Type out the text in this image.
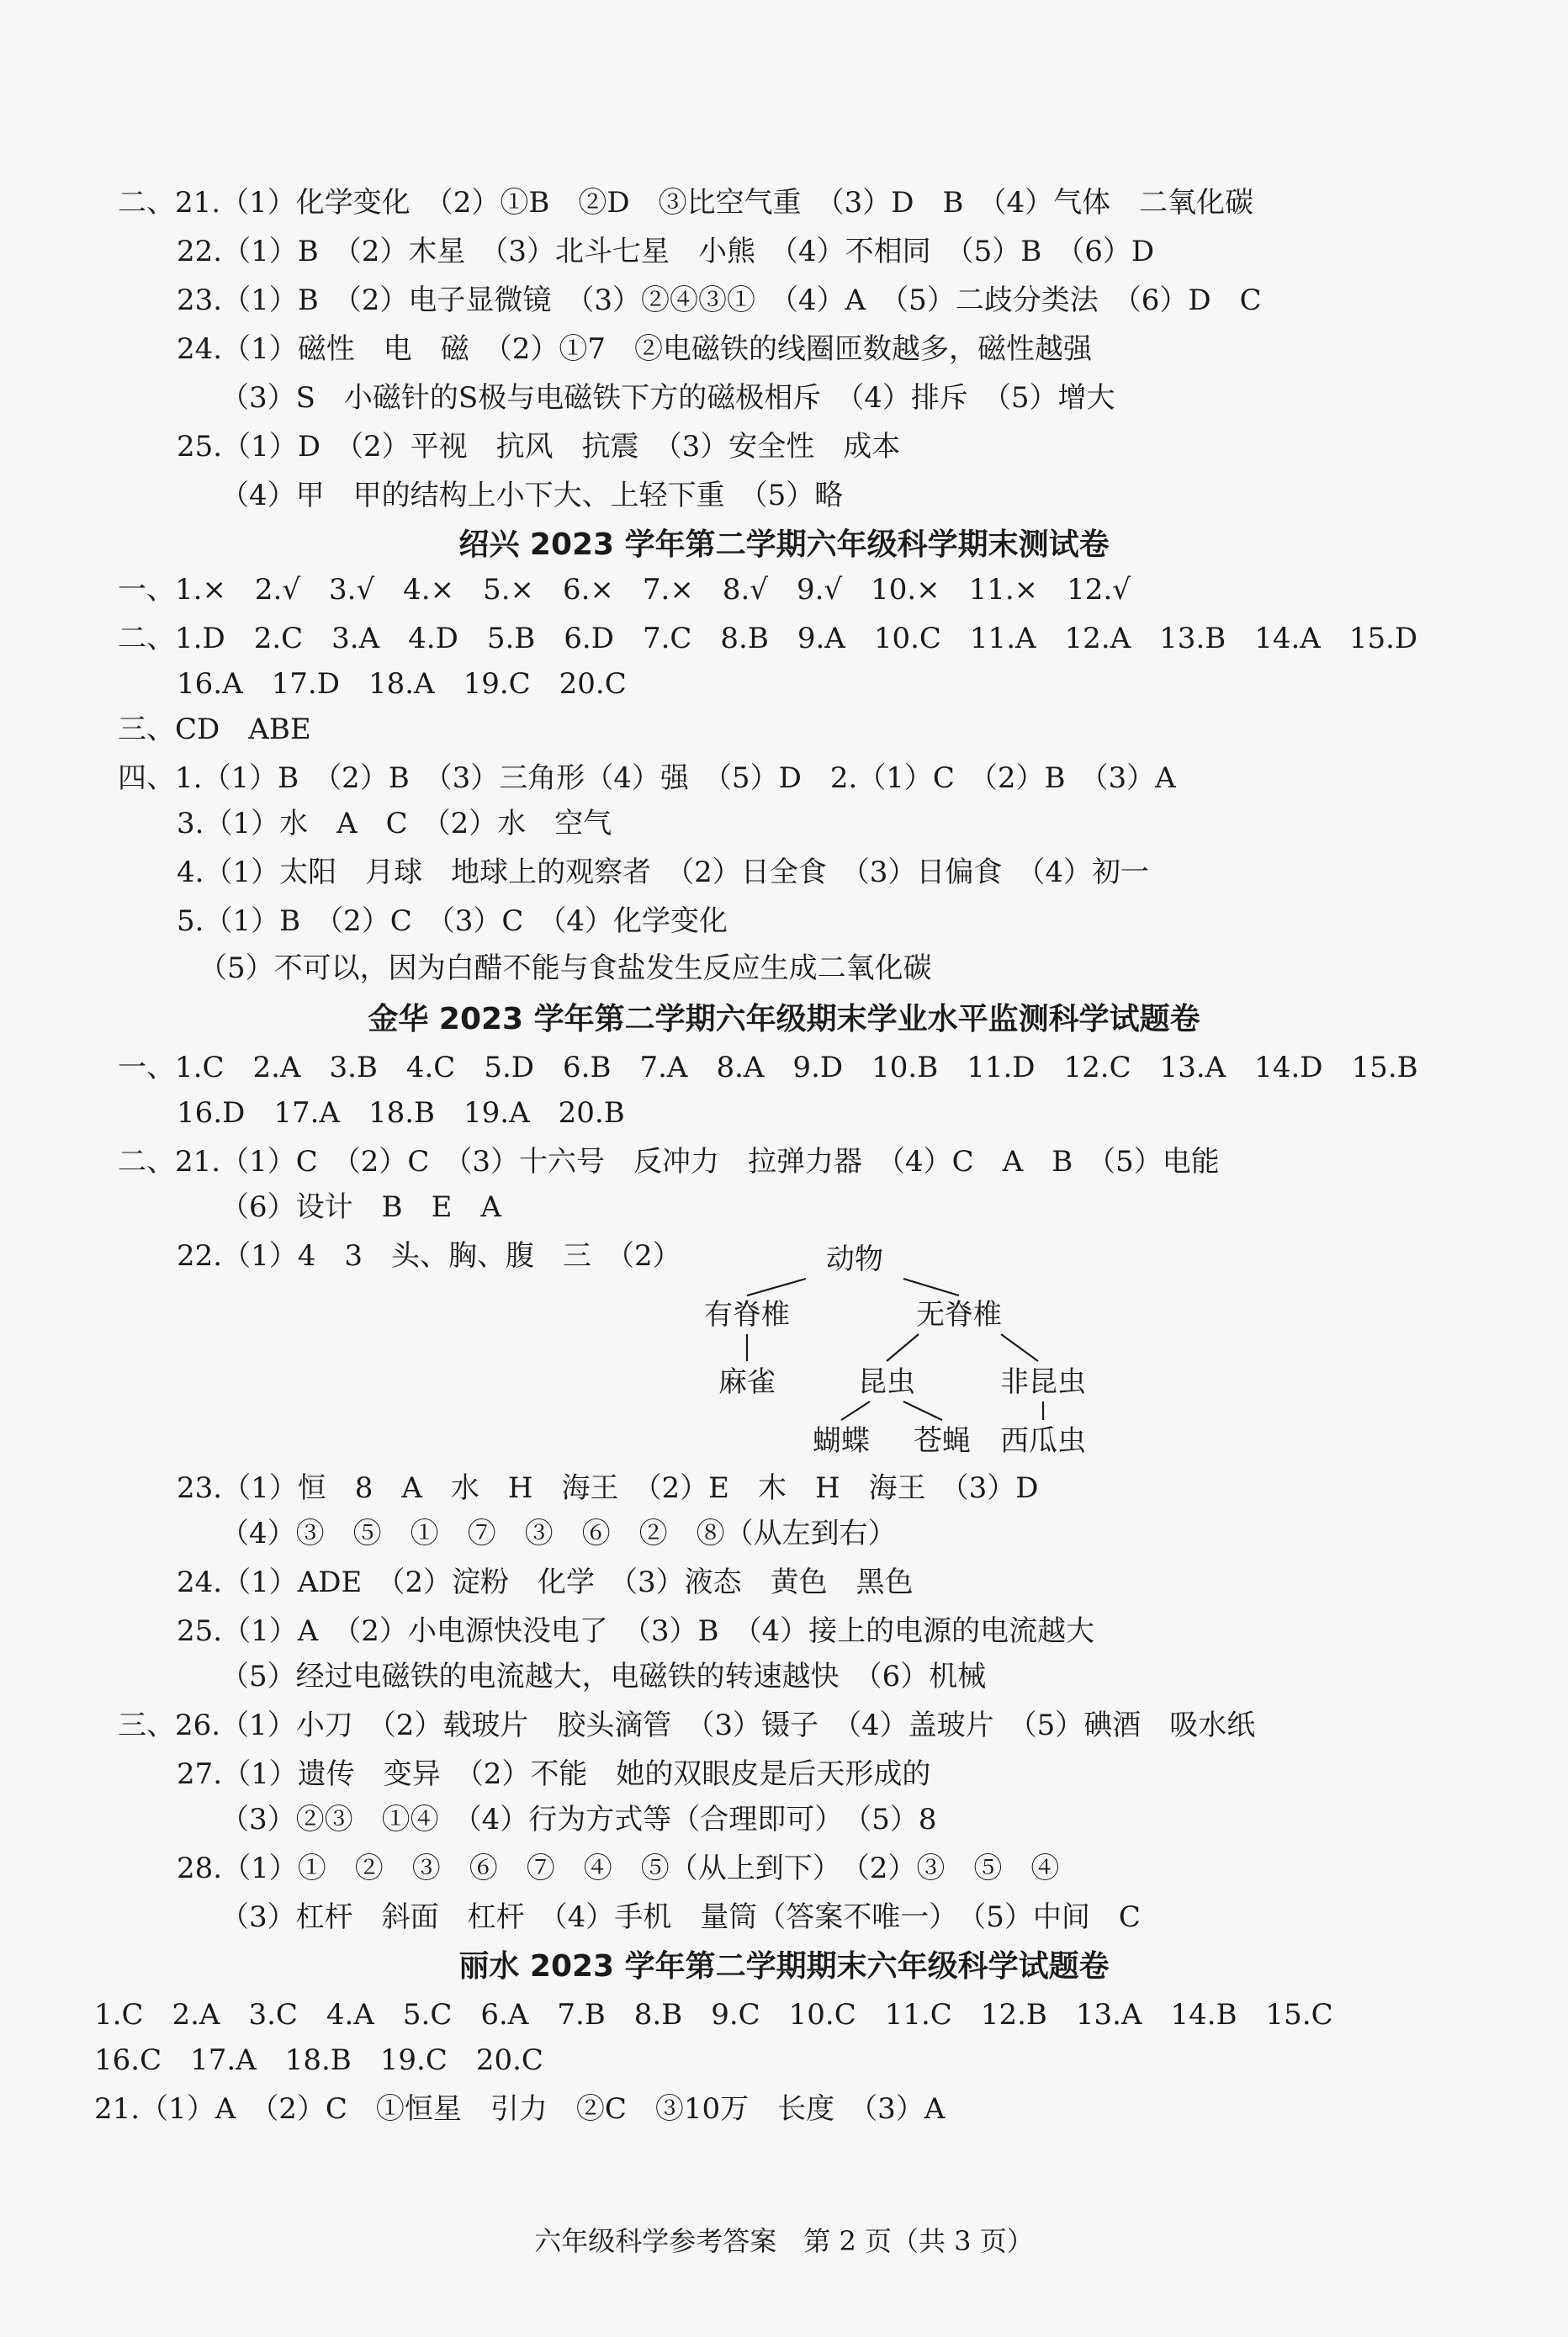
二、21.（1）化学变化　（2）①B　②D　③比空气重　（3）D　B　（4）气体　二氧化碳
22.（1）B　（2）木星　（3）北斗七星　小熊　（4）不相同　（5）B　（6）D
23.（1）B　（2）电子显微镜　（3）②④③①　（4）A　（5）二歧分类法　（6）D　C
24.（1）磁性　电　磁　（2）①7　②电磁铁的线圈匝数越多，磁性越强
（3）S　小磁针的S极与电磁铁下方的磁极相斥　（4）排斥　（5）增大
25.（1）D　（2）平视　抗风　抗震　（3）安全性　成本
（4）甲　甲的结构上小下大、上轻下重　（5）略
绍兴 2023 学年第二学期六年级科学期末测试卷
一、1.×　2.√　3.√　4.×　5.×　6.×　7.×　8.√　9.√　10.×　11.×　12.√
二、1.D　2.C　3.A　4.D　5.B　6.D　7.C　8.B　9.A　10.C　11.A　12.A　13.B　14.A　15.D
16.A　17.D　18.A　19.C　20.C
三、CD　ABE
四、1.（1）B　（2）B　（3）三角形（4）强　（5）D　2.（1）C　（2）B　（3）A
3.（1）水　A　C　（2）水　空气
4.（1）太阳　月球　地球上的观察者　（2）日全食　（3）日偏食　（4）初一
5.（1）B　（2）C　（3）C　（4）化学变化
（5）不可以，因为白醋不能与食盐发生反应生成二氧化碳
金华 2023 学年第二学期六年级期末学业水平监测科学试题卷
一、1.C　2.A　3.B　4.C　5.D　6.B　7.A　8.A　9.D　10.B　11.D　12.C　13.A　14.D　15.B
16.D　17.A　18.B　19.A　20.B
二、21.（1）C　（2）C　（3）十六号　反冲力　拉弹力器　（4）C　A　B　（5）电能
（6）设计　B　E　A
22.（1）4　3　头、胸、腹　三　（2）	动物
有脊椎	无脊椎
麻雀	昆虫	非昆虫
蝴蝶 苍蝇 西瓜虫
23.（1）恒　8　A　水　H　海王　（2）E　木　H　海王　（3）D
（4）③　⑤　①　⑦　③　⑥　②　⑧（从左到右）
24.（1）ADE　（2）淀粉　化学　（3）液态　黄色　黑色
25.（1）A　（2）小电源快没电了　（3）B　（4）接上的电源的电流越大
（5）经过电磁铁的电流越大，电磁铁的转速越快　（6）机械
三、26.（1）小刀　（2）载玻片　胶头滴管　（3）镊子　（4）盖玻片　（5）碘酒　吸水纸
27.（1）遗传　变异　（2）不能　她的双眼皮是后天形成的
（3）②③　①④　（4）行为方式等（合理即可）　（5）8
28.（1）①　②　③　⑥　⑦　④　⑤（从上到下）　（2）③　⑤　④
（3）杠杆　斜面　杠杆　（4）手机　量筒（答案不唯一）　（5）中间　C
丽水 2023 学年第二学期期末六年级科学试题卷
1.C　2.A　3.C　4.A　5.C　6.A　7.B　8.B　9.C　10.C　11.C　12.B　13.A　14.B　15.C
16.C　17.A　18.B　19.C　20.C
21.（1）A　（2）C　①恒星　引力　②C　③10万　长度　（3）A
六年级科学参考答案　第 2 页（共 3 页）
